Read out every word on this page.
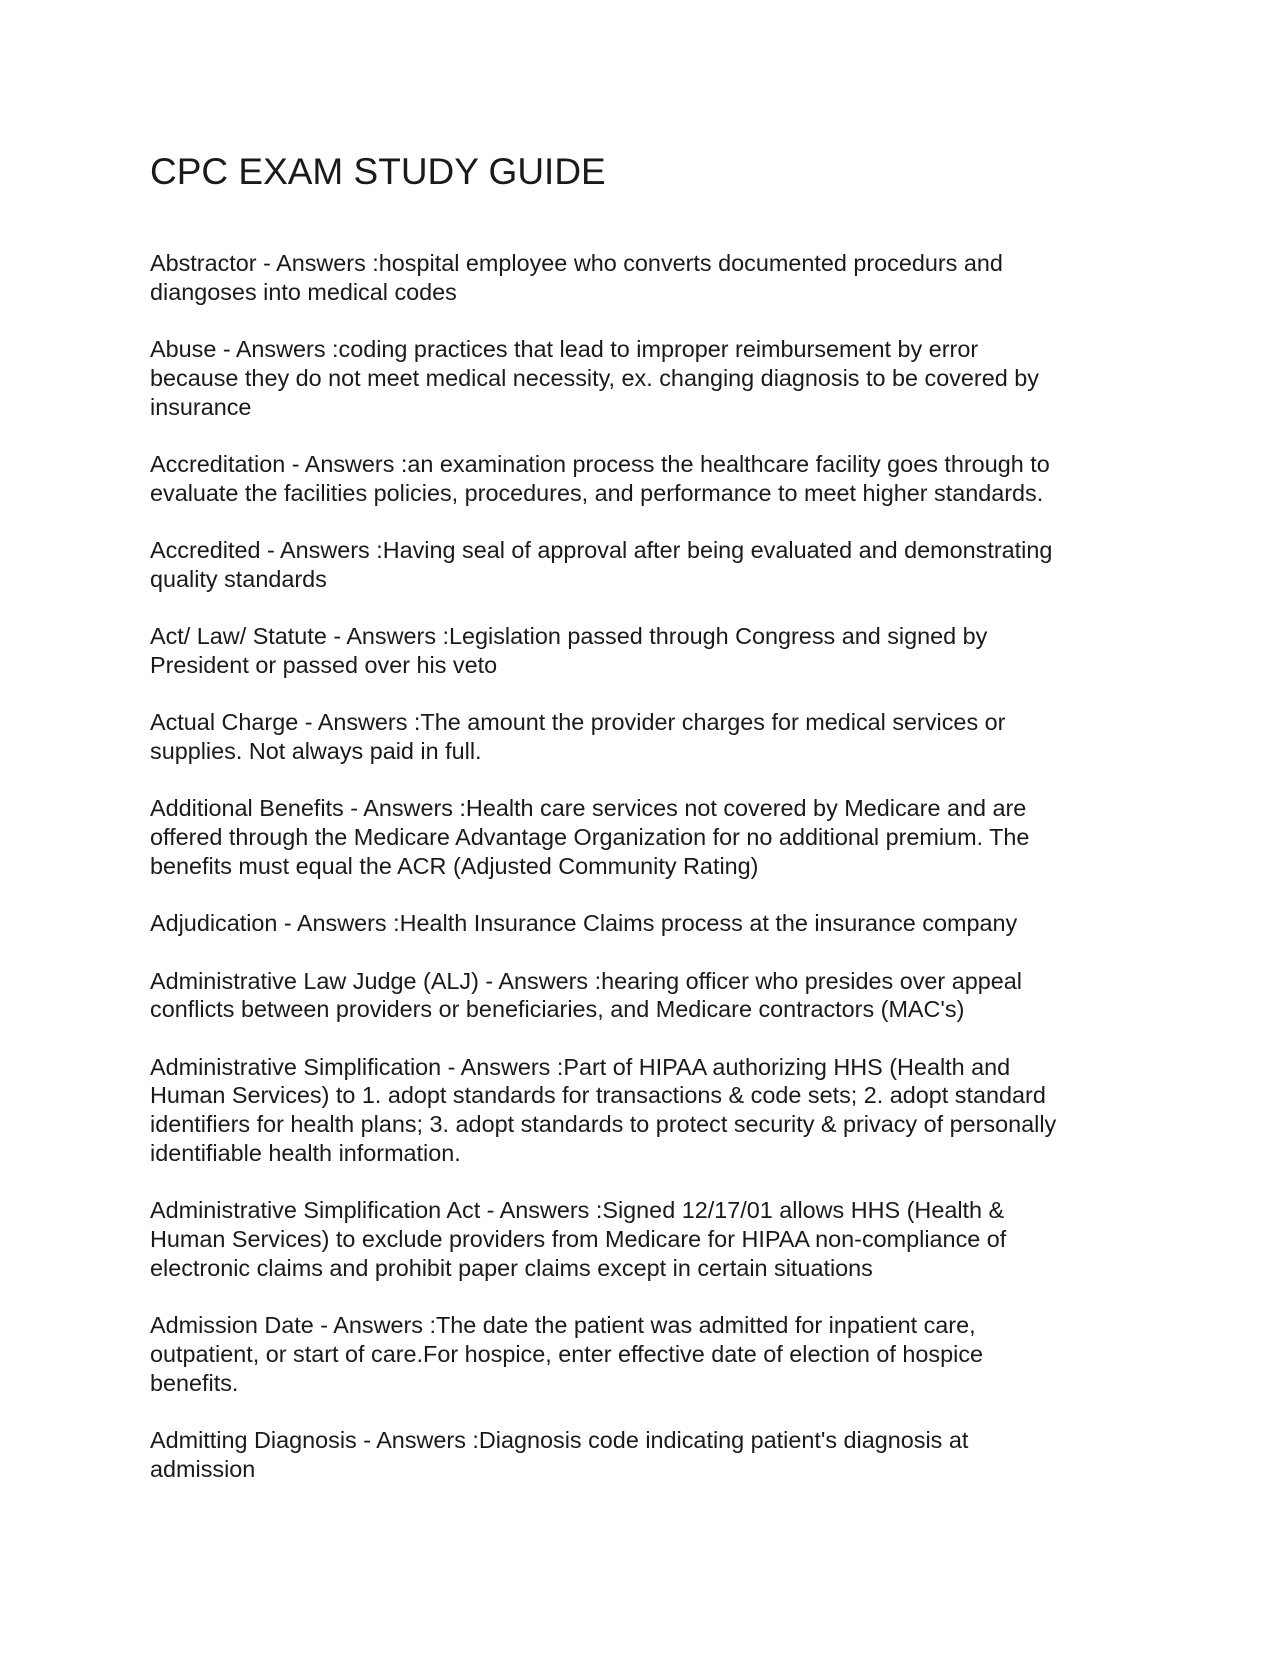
CPC EXAM STUDY GUIDE
Abstractor - Answers :hospital employee who converts documented procedurs and
diangoses into medical codes
Abuse - Answers :coding practices that lead to improper reimbursement by error
because they do not meet medical necessity, ex. changing diagnosis to be covered by
insurance
Accreditation - Answers :an examination process the healthcare facility goes through to
evaluate the facilities policies, procedures, and performance to meet higher standards.
Accredited - Answers :Having seal of approval after being evaluated and demonstrating
quality standards
Act/ Law/ Statute - Answers :Legislation passed through Congress and signed by
President or passed over his veto
Actual Charge - Answers :The amount the provider charges for medical services or
supplies. Not always paid in full.
Additional Benefits - Answers :Health care services not covered by Medicare and are
offered through the Medicare Advantage Organization for no additional premium. The
benefits must equal the ACR (Adjusted Community Rating)
Adjudication - Answers :Health Insurance Claims process at the insurance company
Administrative Law Judge (ALJ) - Answers :hearing officer who presides over appeal
conflicts between providers or beneficiaries, and Medicare contractors (MAC's)
Administrative Simplification - Answers :Part of HIPAA authorizing HHS (Health and
Human Services) to 1. adopt standards for transactions & code sets; 2. adopt standard
identifiers for health plans; 3. adopt standards to protect security & privacy of personally
identifiable health information.
Administrative Simplification Act - Answers :Signed 12/17/01 allows HHS (Health &
Human Services) to exclude providers from Medicare for HIPAA non-compliance of
electronic claims and prohibit paper claims except in certain situations
Admission Date - Answers :The date the patient was admitted for inpatient care,
outpatient, or start of care.For hospice, enter effective date of election of hospice
benefits.
Admitting Diagnosis - Answers :Diagnosis code indicating patient's diagnosis at
admission
